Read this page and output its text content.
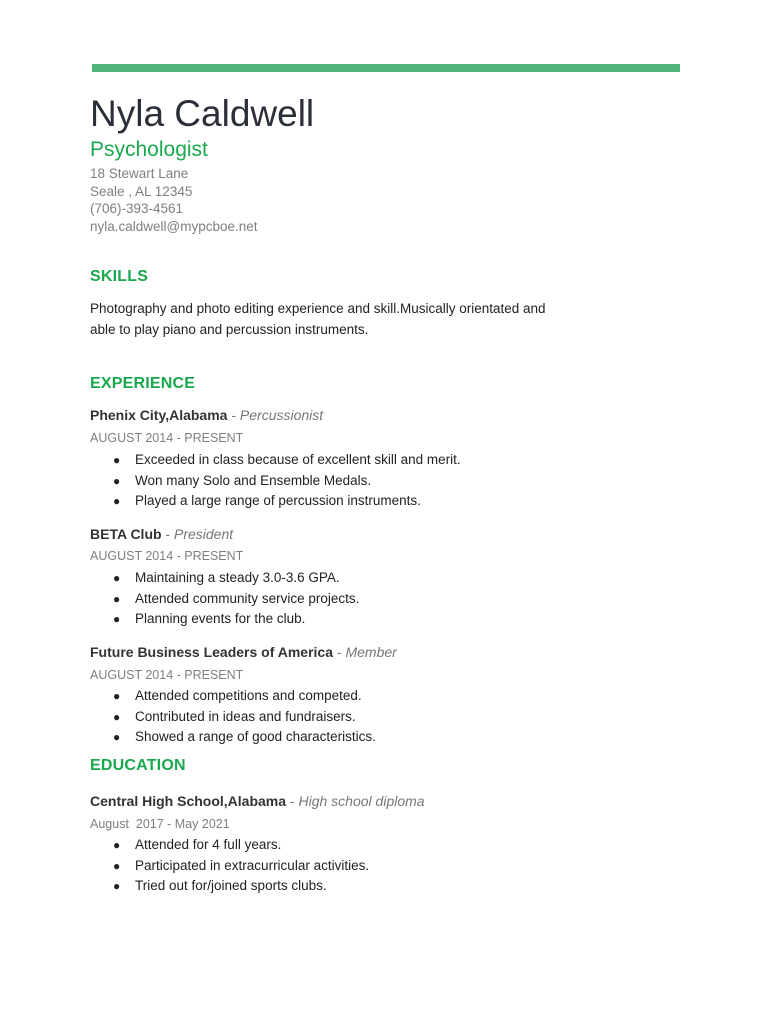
Nyla Caldwell
Psychologist
18 Stewart Lane
Seale , AL 12345
(706)-393-4561
nyla.caldwell@mypcboe.net
SKILLS
Photography and photo editing experience and skill.Musically orientated and able to play piano and percussion instruments.
EXPERIENCE
Phenix City,Alabama - Percussionist
AUGUST 2014 - PRESENT
● Exceeded in class because of excellent skill and merit.
● Won many Solo and Ensemble Medals.
● Played a large range of percussion instruments.
BETA Club - President
AUGUST 2014 - PRESENT
● Maintaining a steady 3.0-3.6 GPA.
● Attended community service projects.
● Planning events for the club.
Future Business Leaders of America - Member
AUGUST 2014 - PRESENT
● Attended competitions and competed.
● Contributed in ideas and fundraisers.
● Showed a range of good characteristics.
EDUCATION
Central High School,Alabama - High school diploma
August  2017 - May 2021
● Attended for 4 full years.
● Participated in extracurricular activities.
● Tried out for/joined sports clubs.
